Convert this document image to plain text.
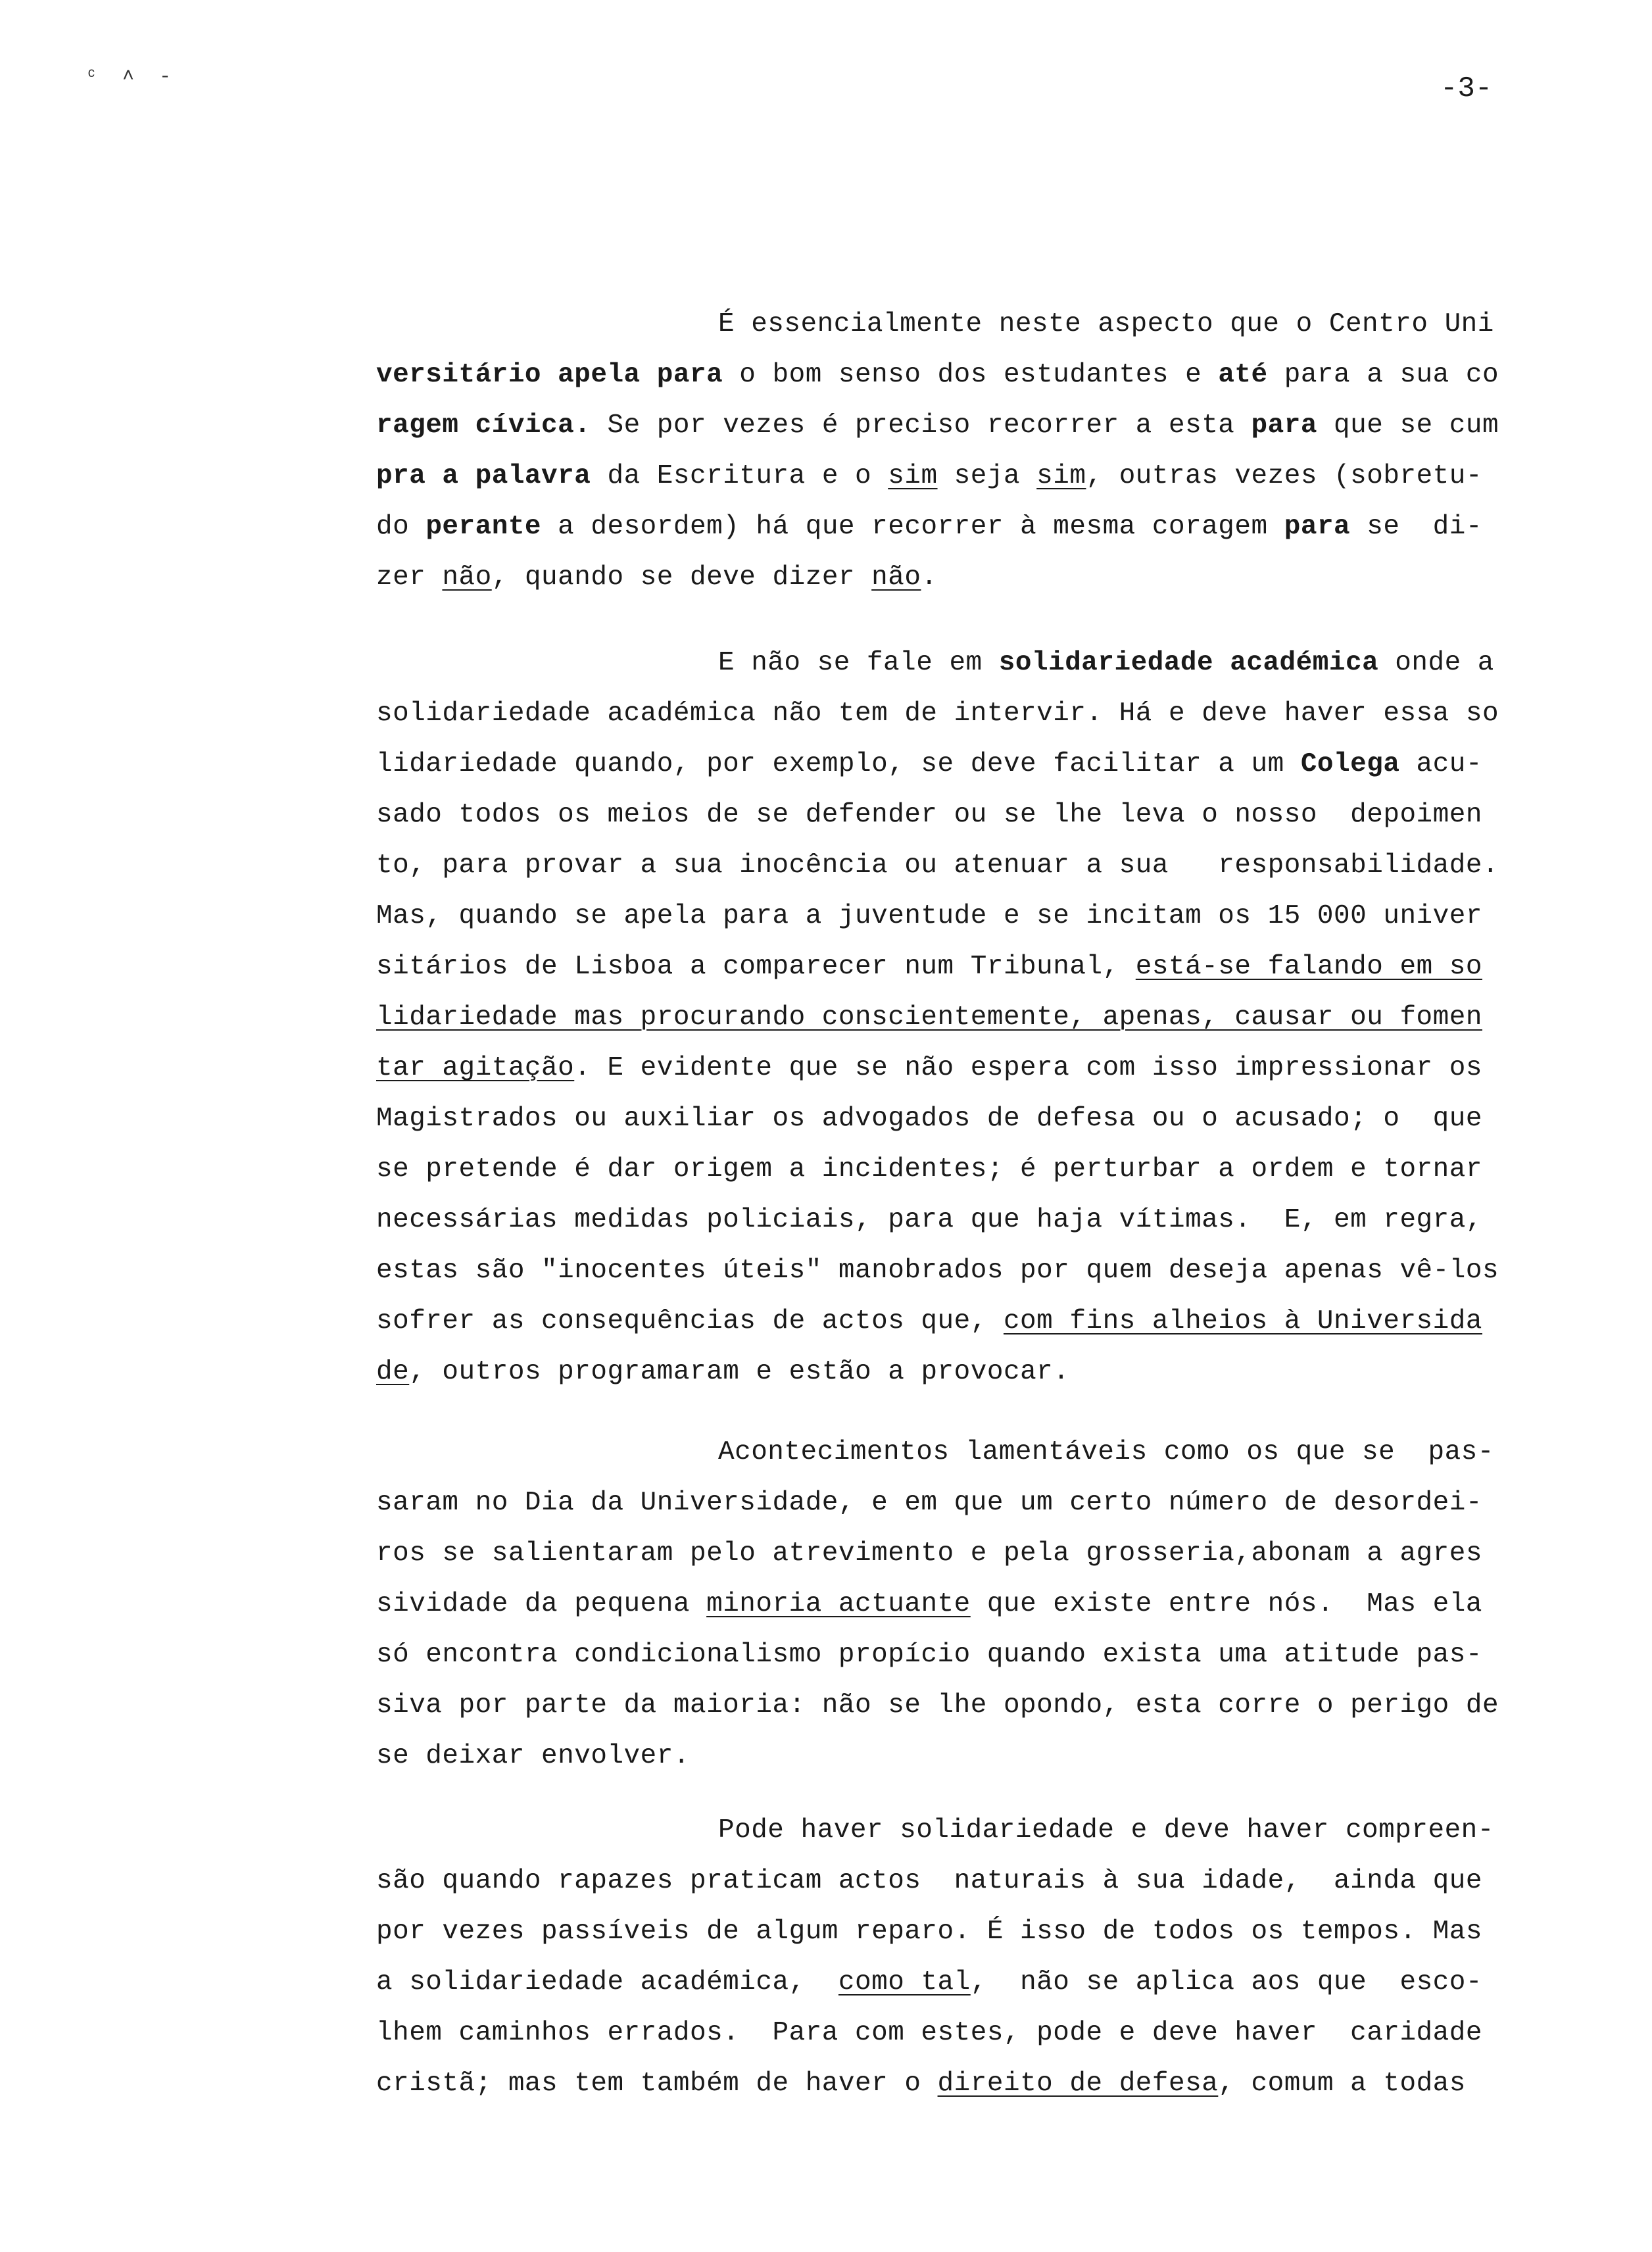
ᶜ ˄ ‐	-3-
É essencialmente neste aspecto que o Centro Uni
versitário apela para o bom senso dos estudantes e até para a sua co
ragem cívica. Se por vezes é preciso recorrer a esta para que se cum
pra a palavra da Escritura e o sim seja sim, outras vezes (sobretu-
do perante a desordem) há que recorrer à mesma coragem para se  di-
zer não, quando se deve dizer não.
E não se fale em solidariedade académica onde a
solidariedade académica não tem de intervir. Há e deve haver essa so
lidariedade quando, por exemplo, se deve facilitar a um Colega acu-
sado todos os meios de se defender ou se lhe leva o nosso  depoimen
to, para provar a sua inocência ou atenuar a sua   responsabilidade.
Mas, quando se apela para a juventude e se incitam os 15 000 univer
sitários de Lisboa a comparecer num Tribunal, está-se falando em so
lidariedade mas procurando conscientemente, apenas, causar ou fomen
tar agitação. E evidente que se não espera com isso impressionar os
Magistrados ou auxiliar os advogados de defesa ou o acusado; o  que
se pretende é dar origem a incidentes; é perturbar a ordem e tornar
necessárias medidas policiais, para que haja vítimas.  E, em regra,
estas são "inocentes úteis" manobrados por quem deseja apenas vê-los
sofrer as consequências de actos que, com fins alheios à Universida
de, outros programaram e estão a provocar.
Acontecimentos lamentáveis como os que se  pas-
saram no Dia da Universidade, e em que um certo número de desordei-
ros se salientaram pelo atrevimento e pela grosseria,abonam a agres
sividade da pequena minoria actuante que existe entre nós.  Mas ela
só encontra condicionalismo propício quando exista uma atitude pas-
siva por parte da maioria: não se lhe opondo, esta corre o perigo de
se deixar envolver.
Pode haver solidariedade e deve haver compreen-
são quando rapazes praticam actos  naturais à sua idade,  ainda que
por vezes passíveis de algum reparo. É isso de todos os tempos. Mas
a solidariedade académica,  como tal,  não se aplica aos que  esco-
lhem caminhos errados.  Para com estes, pode e deve haver  caridade
cristã; mas tem também de haver o direito de defesa, comum a todas
